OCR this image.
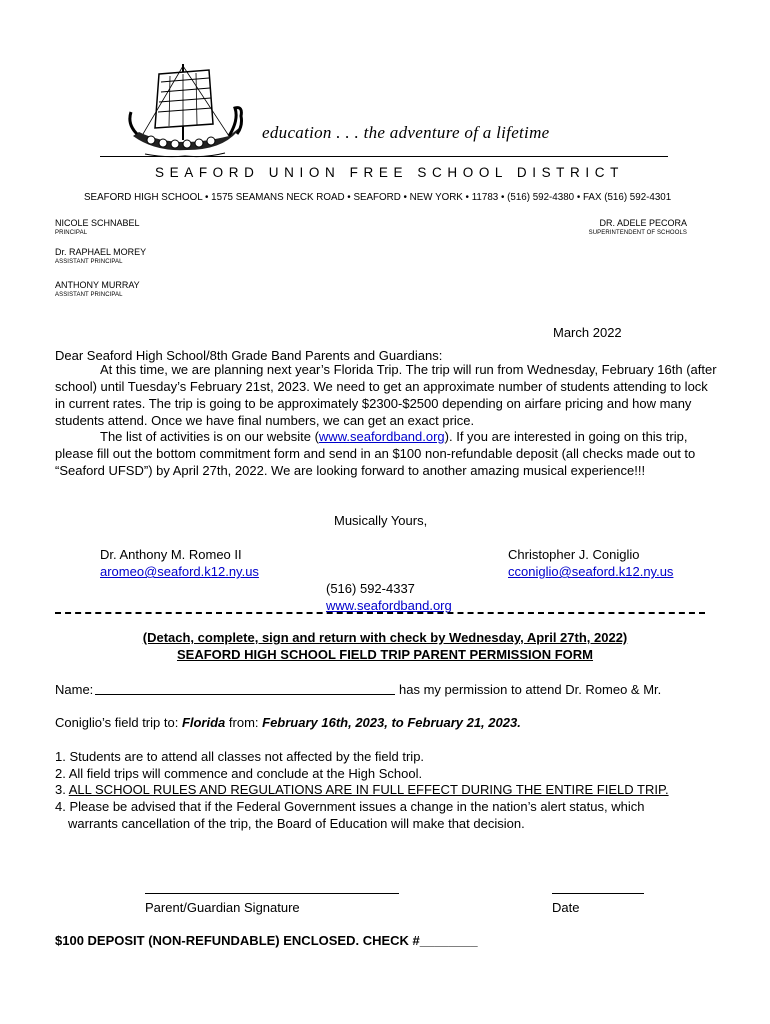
education . . . the adventure of a lifetime
SEAFORD UNION FREE SCHOOL DISTRICT
SEAFORD HIGH SCHOOL • 1575 SEAMANS NECK ROAD • SEAFORD • NEW YORK • 11783 • (516) 592-4380 • FAX (516) 592-4301
NICOLE SCHNABEL
PRINCIPAL
DR. ADELE PECORA
SUPERINTENDENT OF SCHOOLS
Dr. RAPHAEL MOREY
ASSISTANT PRINCIPAL
ANTHONY MURRAY
ASSISTANT PRINCIPAL
March 2022
Dear Seaford High School/8th Grade Band Parents and Guardians:
At this time, we are planning next year’s Florida Trip. The trip will run from Wednesday, February 16th (after school) until Tuesday’s February 21st, 2023. We need to get an approximate number of students attending to lock in current rates. The trip is going to be approximately $2300-$2500 depending on airfare pricing and how many students attend. Once we have final numbers, we can get an exact price.
The list of activities is on our website (www.seafordband.org). If you are interested in going on this trip, please fill out the bottom commitment form and send in an $100 non-refundable deposit (all checks made out to “Seaford UFSD”) by April 27th, 2022. We are looking forward to another amazing musical experience!!!
Musically Yours,
Dr. Anthony M. Romeo II
aromeo@seaford.k12.ny.us
Christopher J. Coniglio
cconiglio@seaford.k12.ny.us
(516) 592-4337
www.seafordband.org
(Detach, complete, sign and return with check by Wednesday, April 27th, 2022)
SEAFORD HIGH SCHOOL FIELD TRIP PARENT PERMISSION FORM
Name:	has my permission to attend Dr. Romeo & Mr.
Coniglio’s field trip to: Florida from: February 16th, 2023, to February 21, 2023.
1. Students are to attend all classes not affected by the field trip.
2. All field trips will commence and conclude at the High School.
3. ALL SCHOOL RULES AND REGULATIONS ARE IN FULL EFFECT DURING THE ENTIRE FIELD TRIP.
4. Please be advised that if the Federal Government issues a change in the nation’s alert status, which
warrants cancellation of the trip, the Board of Education will make that decision.
Parent/Guardian Signature	Date
$100 DEPOSIT (NON-REFUNDABLE) ENCLOSED. CHECK #________
